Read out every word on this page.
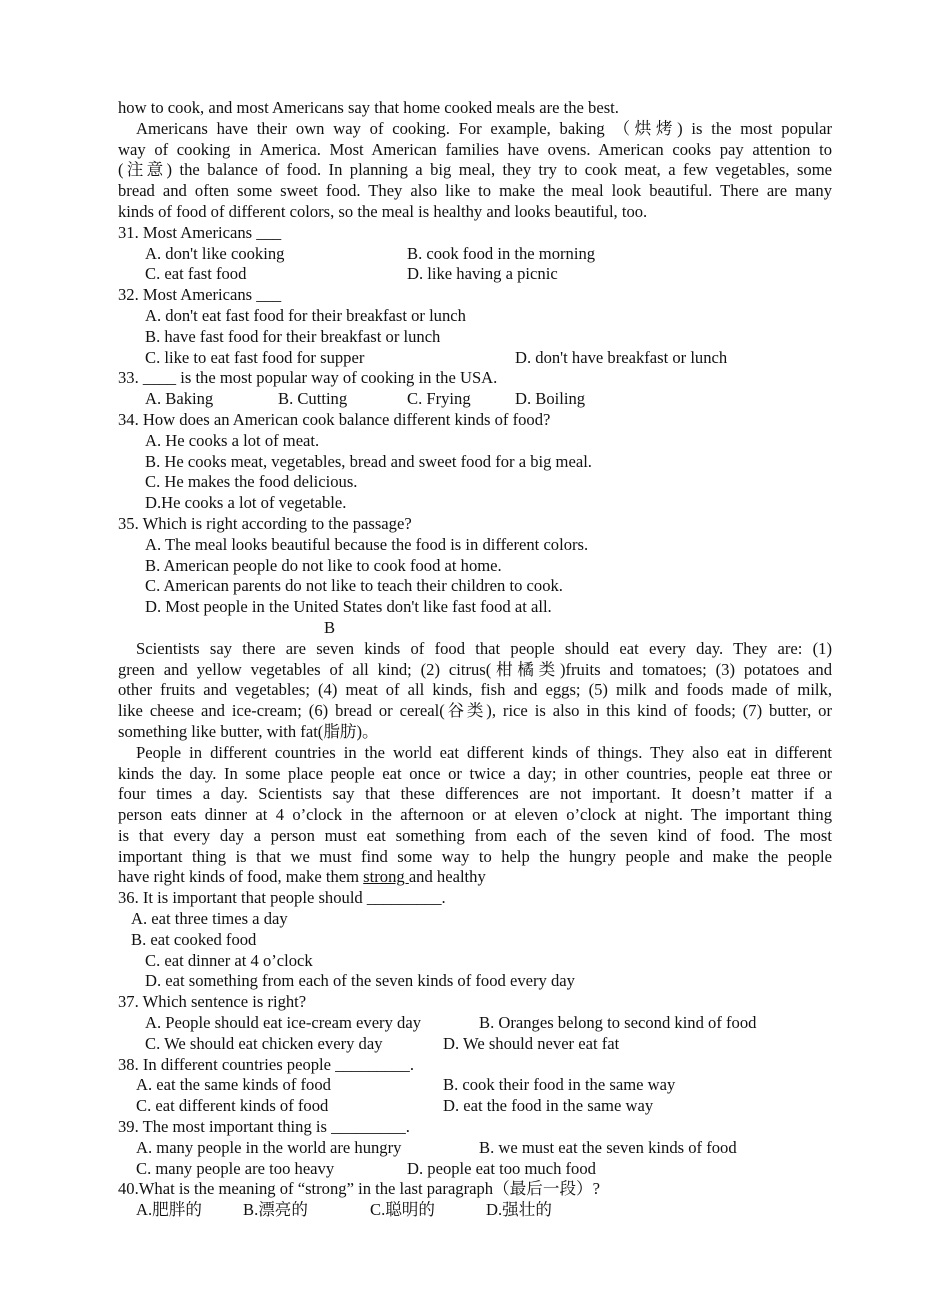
how to cook, and most Americans say that home cooked meals are the best.
Americans have their own way of cooking. For example, baking （烘烤) is the most popular
way of cooking in America. Most American families have ovens. American cooks pay attention to
(注意) the balance of food. In planning a big meal, they try to cook meat, a few vegetables, some
bread and often some sweet food. They also like to make the meal look beautiful. There are many
kinds of food of different colors, so the meal is healthy and looks beautiful, too.
31. Most Americans ___
A. don't like cooking	B. cook food in the morning
C. eat fast food	D. like having a picnic
32. Most Americans ___
A. don't eat fast food for their breakfast or lunch
B. have fast food for their breakfast or lunch
C. like to eat fast food for supper	D. don't have breakfast or lunch
33. ____ is the most popular way of cooking in the USA.
A. Baking	B. Cutting	C. Frying	D. Boiling
34. How does an American cook balance different kinds of food?
A. He cooks a lot of meat.
B. He cooks meat, vegetables, bread and sweet food for a big meal.
C. He makes the food delicious.
D.He cooks a lot of vegetable.
35. Which is right according to the passage?
A. The meal looks beautiful because the food is in different colors.
B. American people do not like to cook food at home.
C. American parents do not like to teach their children to cook.
D. Most people in the United States don't like fast food at all.
B
Scientists say there are seven kinds of food that people should eat every day. They are: (1)
green and yellow vegetables of all kind; (2) citrus(柑橘类)fruits and tomatoes; (3) potatoes and
other fruits and vegetables; (4) meat of all kinds, fish and eggs; (5) milk and foods made of milk,
like cheese and ice-cream; (6) bread or cereal(谷类), rice is also in this kind of foods; (7) butter, or
something like butter, with fat(脂肪)。
People in different countries in the world eat different kinds of things. They also eat in different
kinds the day. In some place people eat once or twice a day; in other countries, people eat three or
four times a day. Scientists say that these differences are not important. It doesn’t matter if a
person eats dinner at 4 o’clock in the afternoon or at eleven o’clock at night. The important thing
is that every day a person must eat something from each of the seven kind of food. The most
important thing is that we must find some way to help the hungry people and make the people
have right kinds of food, make them strong and healthy
36. It is important that people should _________.
A. eat three times a day
B. eat cooked food
C. eat dinner at 4 o’clock
D. eat something from each of the seven kinds of food every day
37. Which sentence is right?
A. People should eat ice-cream every day	B. Oranges belong to second kind of food
C. We should eat chicken every day	D. We should never eat fat
38. In different countries people _________.
A. eat the same kinds of food	B. cook their food in the same way
C. eat different kinds of food	D. eat the food in the same way
39. The most important thing is _________.
A. many people in the world are hungry	B. we must eat the seven kinds of food
C. many people are too heavy	D. people eat too much food
40.What is the meaning of “strong” in the last paragraph（最后一段）?
A.肥胖的 B.漂亮的	C.聪明的	D.强壮的
